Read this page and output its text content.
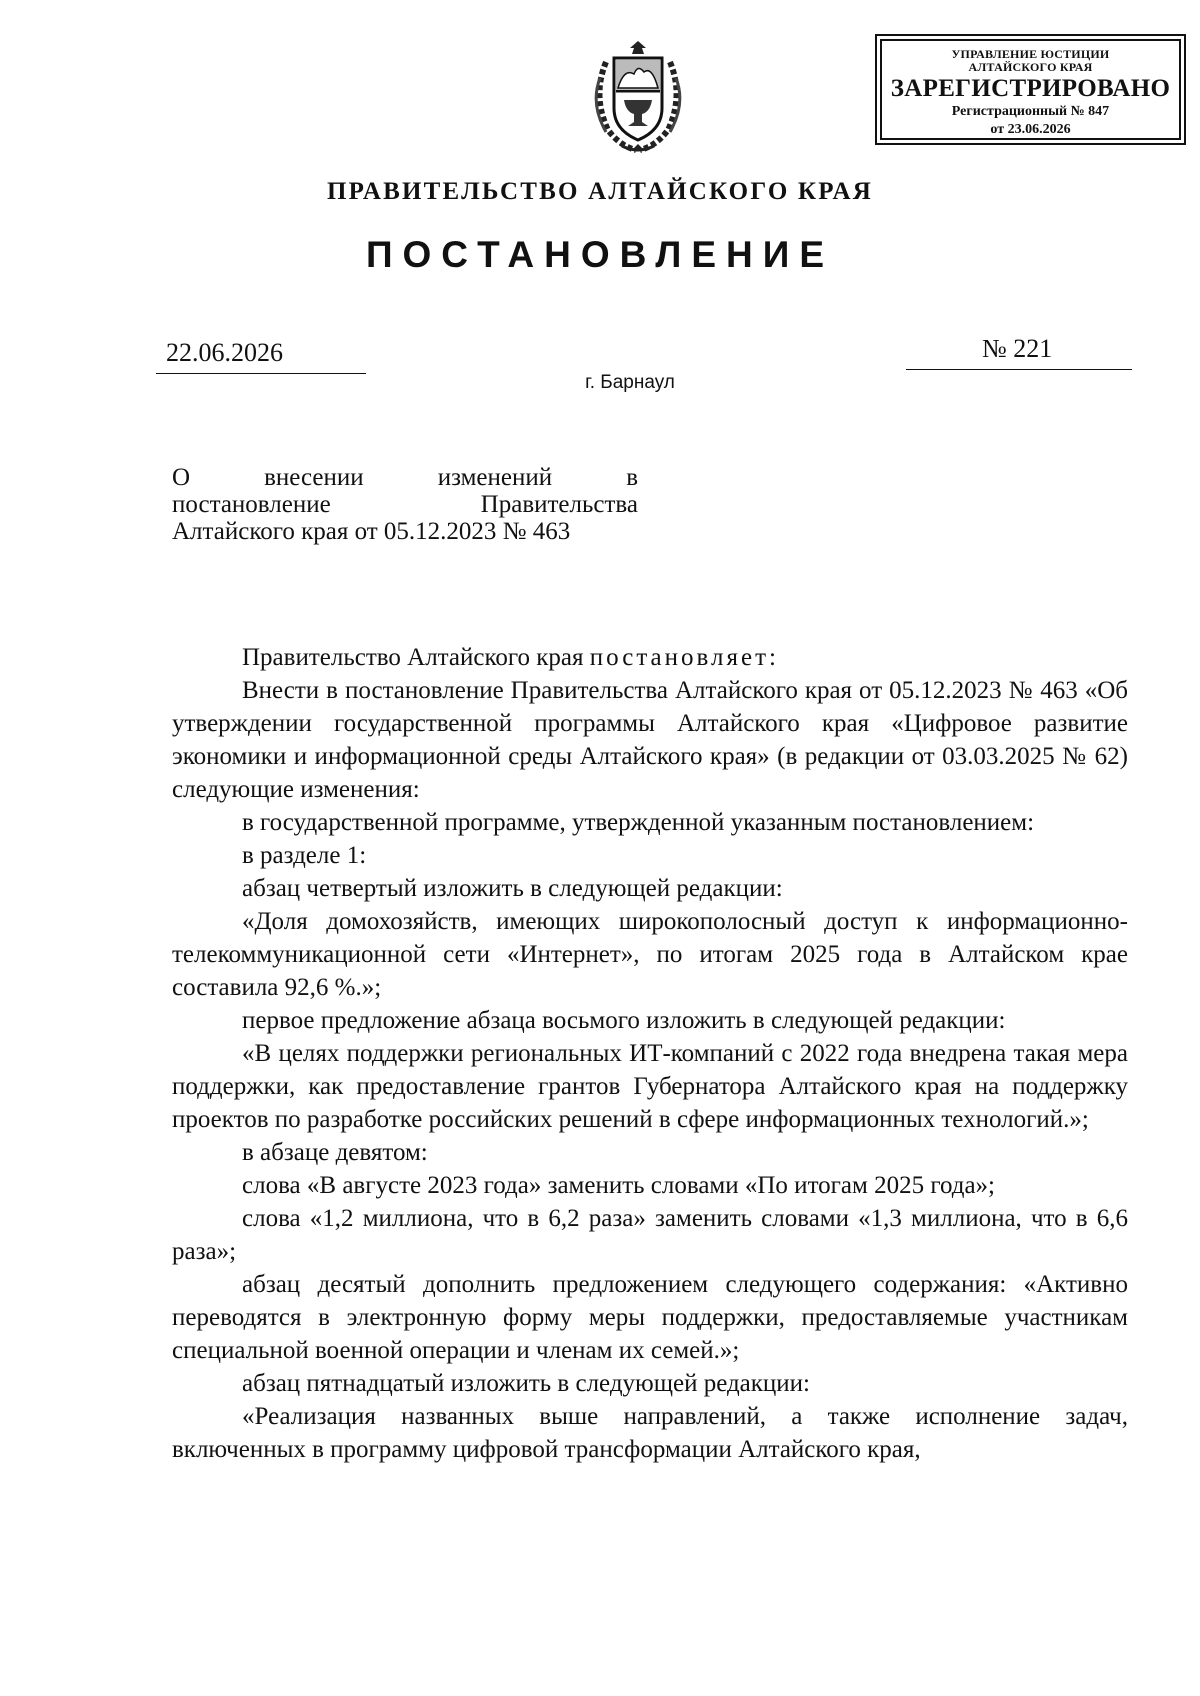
УПРАВЛЕНИЕ ЮСТИЦИИ
АЛТАЙСКОГО КРАЯ
ЗАРЕГИСТРИРОВАНО
Регистрационный № 847
от 23.06.2026
ПРАВИТЕЛЬСТВО АЛТАЙСКОГО КРАЯ
ПОСТАНОВЛЕНИЕ
22.06.2026	№ 221
г. Барнаул
О внесении изменений в
постановление Правительства
Алтайского края от 05.12.2023 № 463

Правительство Алтайского края постановляет:

Внести в постановление Правительства Алтайского края от 05.12.2023 № 463 «Об утверждении государственной программы Алтайского края «Цифровое развитие экономики и информационной среды Алтайского края» (в редакции от 03.03.2025 № 62) следующие изменения:

в государственной программе, утвержденной указанным постановлением:

в разделе 1:

абзац четвертый изложить в следующей редакции:

«Доля домохозяйств, имеющих широкополосный доступ к информационно-телекоммуникационной сети «Интернет», по итогам 2025 года в Алтайском крае составила 92,6 %.»;

первое предложение абзаца восьмого изложить в следующей редакции:

«В целях поддержки региональных ИТ-компаний с 2022 года внедрена такая мера поддержки, как предоставление грантов Губернатора Алтайского края на поддержку проектов по разработке российских решений в сфере информационных технологий.»;

в абзаце девятом:

слова «В августе 2023 года» заменить словами «По итогам 2025 года»;

слова «1,2 миллиона, что в 6,2 раза» заменить словами «1,3 миллиона, что в 6,6 раза»;

абзац десятый дополнить предложением следующего содержания: «Активно переводятся в электронную форму меры поддержки, предоставляемые участникам специальной военной операции и членам их семей.»;

абзац пятнадцатый изложить в следующей редакции:

«Реализация названных выше направлений, а также исполнение задач, включенных в программу цифровой трансформации Алтайского края,
